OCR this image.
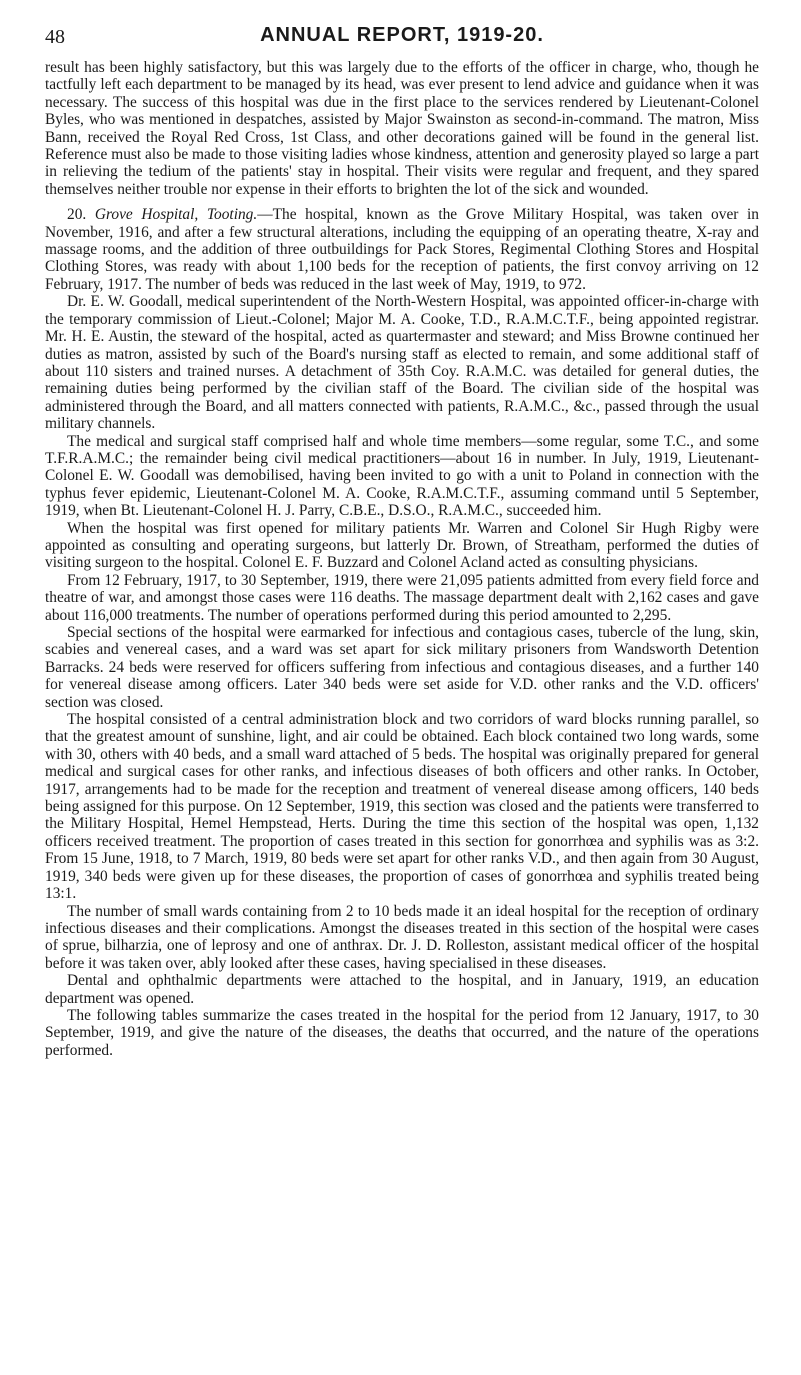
48	ANNUAL REPORT, 1919-20.

result has been highly satisfactory, but this was largely due to the efforts of the officer in charge, who, though he tactfully left each department to be managed by its head, was ever present to lend advice and guidance when it was necessary. The success of this hospital was due in the first place to the services rendered by Lieutenant-Colonel Byles, who was mentioned in despatches, assisted by Major Swainston as second-in-command. The matron, Miss Bann, received the Royal Red Cross, 1st Class, and other decorations gained will be found in the general list. Reference must also be made to those visiting ladies whose kindness, attention and generosity played so large a part in relieving the tedium of the patients' stay in hospital. Their visits were regular and frequent, and they spared themselves neither trouble nor expense in their efforts to brighten the lot of the sick and wounded.

20. Grove Hospital, Tooting.—The hospital, known as the Grove Military Hospital, was taken over in November, 1916, and after a few structural alterations, including the equipping of an operating theatre, X-ray and massage rooms, and the addition of three outbuildings for Pack Stores, Regimental Clothing Stores and Hospital Clothing Stores, was ready with about 1,100 beds for the reception of patients, the first convoy arriving on 12 February, 1917. The number of beds was reduced in the last week of May, 1919, to 972.

Dr. E. W. Goodall, medical superintendent of the North-Western Hospital, was appointed officer-in-charge with the temporary commission of Lieut.-Colonel; Major M. A. Cooke, T.D., R.A.M.C.T.F., being appointed registrar. Mr. H. E. Austin, the steward of the hospital, acted as quartermaster and steward; and Miss Browne continued her duties as matron, assisted by such of the Board's nursing staff as elected to remain, and some additional staff of about 110 sisters and trained nurses. A detachment of 35th Coy. R.A.M.C. was detailed for general duties, the remaining duties being performed by the civilian staff of the Board. The civilian side of the hospital was administered through the Board, and all matters connected with patients, R.A.M.C., &c., passed through the usual military channels.

The medical and surgical staff comprised half and whole time members—some regular, some T.C., and some T.F.R.A.M.C.; the remainder being civil medical practitioners—about 16 in number. In July, 1919, Lieutenant-Colonel E. W. Goodall was demobilised, having been invited to go with a unit to Poland in connection with the typhus fever epidemic, Lieutenant-Colonel M. A. Cooke, R.A.M.C.T.F., assuming command until 5 September, 1919, when Bt. Lieutenant-Colonel H. J. Parry, C.B.E., D.S.O., R.A.M.C., succeeded him.

When the hospital was first opened for military patients Mr. Warren and Colonel Sir Hugh Rigby were appointed as consulting and operating surgeons, but latterly Dr. Brown, of Streatham, performed the duties of visiting surgeon to the hospital. Colonel E. F. Buzzard and Colonel Acland acted as consulting physicians.

From 12 February, 1917, to 30 September, 1919, there were 21,095 patients admitted from every field force and theatre of war, and amongst those cases were 116 deaths. The massage department dealt with 2,162 cases and gave about 116,000 treatments. The number of operations performed during this period amounted to 2,295.

Special sections of the hospital were earmarked for infectious and contagious cases, tubercle of the lung, skin, scabies and venereal cases, and a ward was set apart for sick military prisoners from Wandsworth Detention Barracks. 24 beds were reserved for officers suffering from infectious and contagious diseases, and a further 140 for venereal disease among officers. Later 340 beds were set aside for V.D. other ranks and the V.D. officers' section was closed.

The hospital consisted of a central administration block and two corridors of ward blocks running parallel, so that the greatest amount of sunshine, light, and air could be obtained. Each block contained two long wards, some with 30, others with 40 beds, and a small ward attached of 5 beds. The hospital was originally prepared for general medical and surgical cases for other ranks, and infectious diseases of both officers and other ranks. In October, 1917, arrangements had to be made for the reception and treatment of venereal disease among officers, 140 beds being assigned for this purpose. On 12 September, 1919, this section was closed and the patients were transferred to the Military Hospital, Hemel Hempstead, Herts. During the time this section of the hospital was open, 1,132 officers received treatment. The proportion of cases treated in this section for gonorrhœa and syphilis was as 3:2. From 15 June, 1918, to 7 March, 1919, 80 beds were set apart for other ranks V.D., and then again from 30 August, 1919, 340 beds were given up for these diseases, the proportion of cases of gonorrhœa and syphilis treated being 13:1.

The number of small wards containing from 2 to 10 beds made it an ideal hospital for the reception of ordinary infectious diseases and their complications. Amongst the diseases treated in this section of the hospital were cases of sprue, bilharzia, one of leprosy and one of anthrax. Dr. J. D. Rolleston, assistant medical officer of the hospital before it was taken over, ably looked after these cases, having specialised in these diseases.

Dental and ophthalmic departments were attached to the hospital, and in January, 1919, an education department was opened.

The following tables summarize the cases treated in the hospital for the period from 12 January, 1917, to 30 September, 1919, and give the nature of the diseases, the deaths that occurred, and the nature of the operations performed.
